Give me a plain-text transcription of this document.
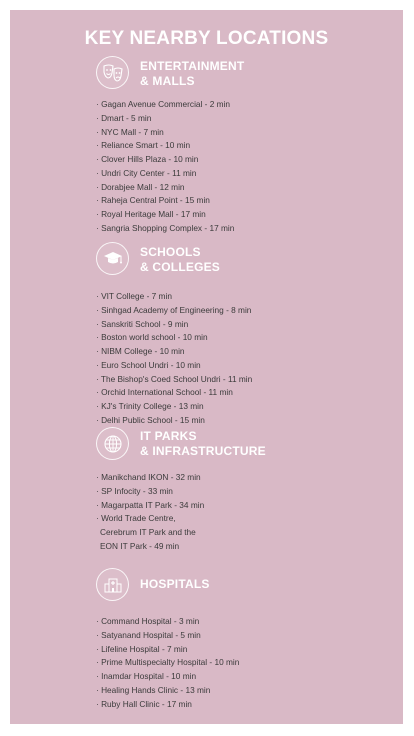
KEY NEARBY LOCATIONS
ENTERTAINMENT
& MALLS
· Gagan Avenue Commercial - 2 min
· Dmart - 5 min
· NYC Mall - 7 min
· Reliance Smart - 10 min
· Clover Hills Plaza - 10 min
· Undri City Center - 11 min
· Dorabjee Mall - 12 min
· Raheja Central Point - 15 min
· Royal Heritage Mall - 17 min
· Sangria Shopping Complex - 17 min
SCHOOLS
& COLLEGES
· VIT College - 7 min
· Sinhgad Academy of Engineering - 8 min
· Sanskriti School - 9 min
· Boston world school - 10 min
· NIBM College - 10 min
· Euro School Undri - 10 min
· The Bishop's Coed School Undri - 11 min
· Orchid International School - 11 min
· KJ's Trinity College - 13 min
· Delhi Public School - 15 min
IT PARKS
& INFRASTRUCTURE
· Manikchand IKON - 32 min
· SP Infocity - 33 min
· Magarpatta IT Park - 34 min
· World Trade Centre,
Cerebrum IT Park and the
EON IT Park - 49 min
HOSPITALS
· Command Hospital - 3 min
· Satyanand Hospital - 5 min
· Lifeline Hospital - 7 min
· Prime Multispecialty Hospital - 10 min
· Inamdar Hospital - 10 min
· Healing Hands Clinic - 13 min
· Ruby Hall Clinic - 17 min
